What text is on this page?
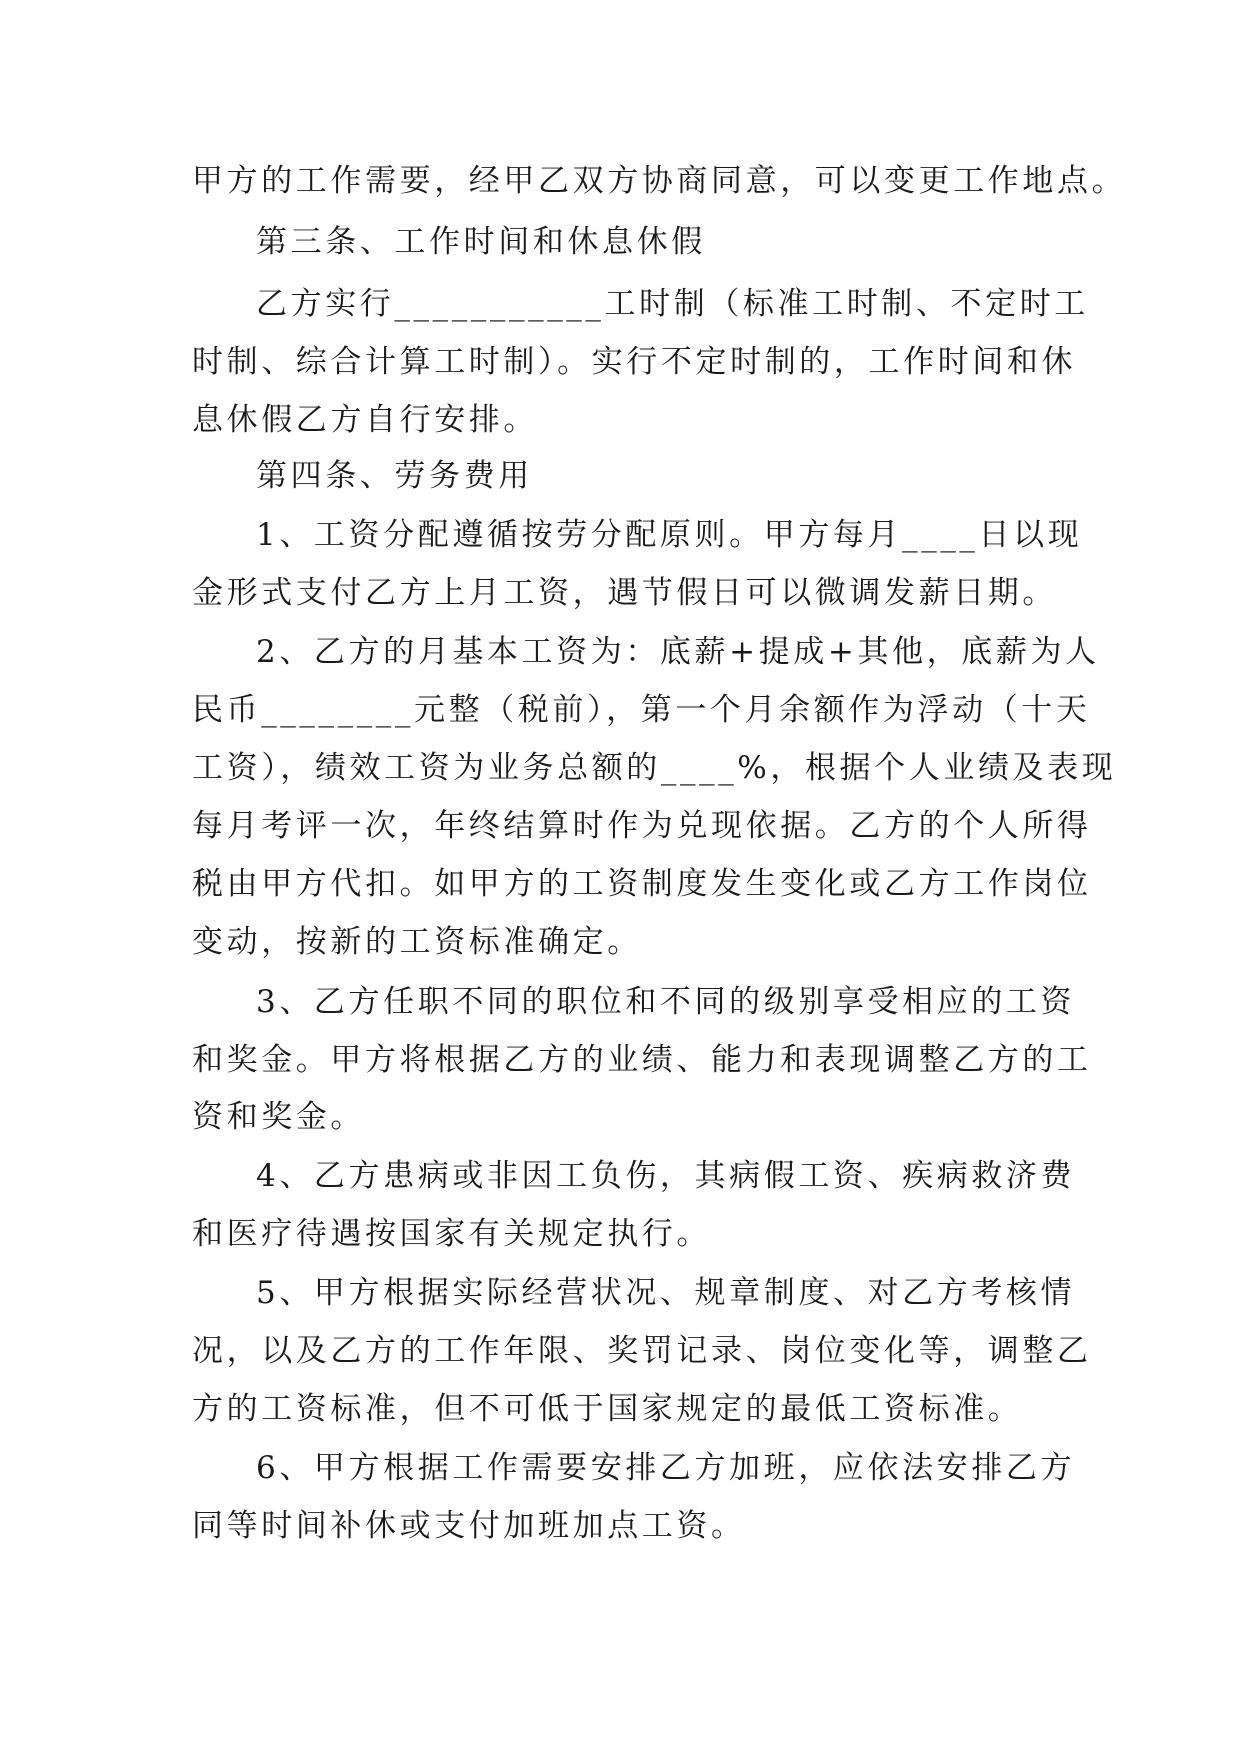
甲方的工作需要，经甲乙双方协商同意，可以变更工作地点。
第三条、工作时间和休息休假
乙方实行___________工时制（标准工时制、不定时工
时制、综合计算工时制）。实行不定时制的，工作时间和休
息休假乙方自行安排。
第四条、劳务费用
1、工资分配遵循按劳分配原则。甲方每月____日以现
金形式支付乙方上月工资，遇节假日可以微调发薪日期。
2、乙方的月基本工资为：底薪+提成+其他，底薪为人
民币________元整（税前），第一个月余额作为浮动（十天
工资），绩效工资为业务总额的____%，根据个人业绩及表现
每月考评一次，年终结算时作为兑现依据。乙方的个人所得
税由甲方代扣。如甲方的工资制度发生变化或乙方工作岗位
变动，按新的工资标准确定。
3、乙方任职不同的职位和不同的级别享受相应的工资
和奖金。甲方将根据乙方的业绩、能力和表现调整乙方的工
资和奖金。
4、乙方患病或非因工负伤，其病假工资、疾病救济费
和医疗待遇按国家有关规定执行。
5、甲方根据实际经营状况、规章制度、对乙方考核情
况，以及乙方的工作年限、奖罚记录、岗位变化等，调整乙
方的工资标准，但不可低于国家规定的最低工资标准。
6、甲方根据工作需要安排乙方加班，应依法安排乙方
同等时间补休或支付加班加点工资。
